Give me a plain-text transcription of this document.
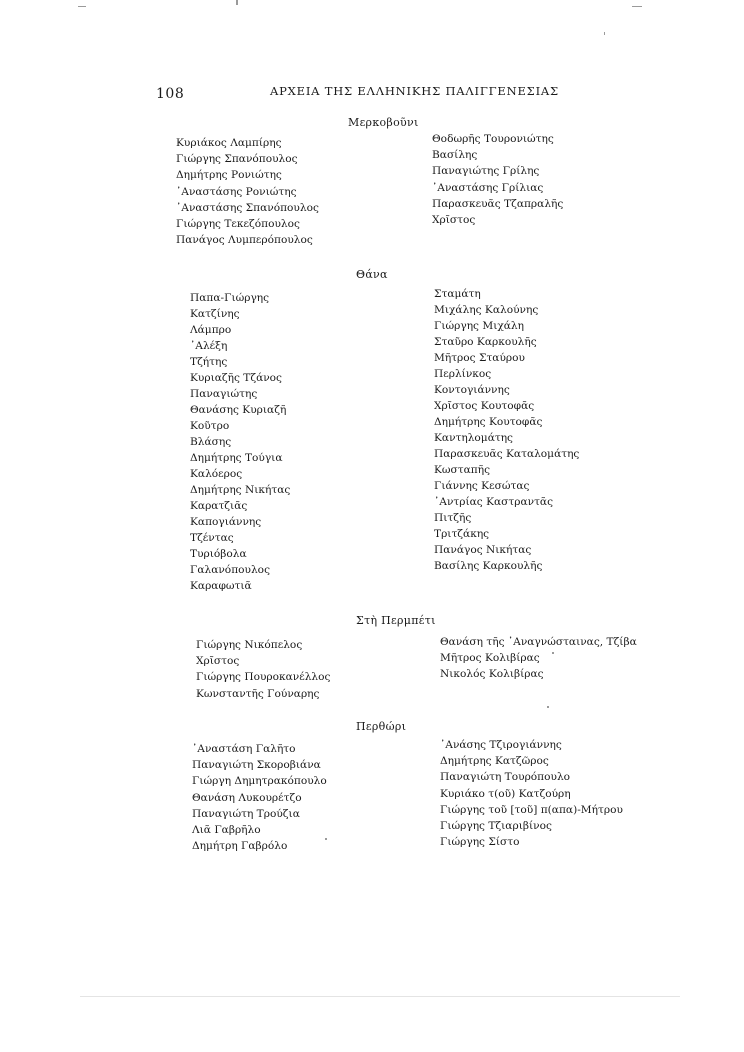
108	ΑΡΧΕΙΑ ΤΗΣ ΕΛΛΗΝΙΚΗΣ ΠΑΛΙΓΓΕΝΕΣΙΑΣ
Μερκοβοῦνι
Κυριάκος Λαμπίρης
Γιώργης Σπανόπουλος
Δημήτρης Ρονιώτης
᾿Αναστάσης Ρονιώτης
᾿Αναστάσης Σπανόπουλος
Γιώργης Τεκεζόπουλος
Πανάγος Λυμπερόπουλος
Θοδωρῆς Τουρονιώτης
Βασίλης
Παναγιώτης Γρίλης
᾿Αναστάσης Γρίλιας
Παρασκευᾶς Τζαπραλῆς
Χρῖστος
Θάνα
Παπα-Γιώργης
Κατζίνης
Λάμπρο
᾿Αλέξη
Τζήτης
Κυριαζῆς Τζάνος
Παναγιώτης
Θανάσης Κυριαζῆ
Κοῦτρο
Βλάσης
Δημήτρης Τούγια
Καλόερος
Δημήτρης Νικήτας
Καρατζιᾶς
Καπογιάννης
Τζέντας
Τυριόβολα
Γαλανόπουλος
Καραφωτιᾶ
Σταμάτη
Μιχάλης Καλούνης
Γιώργης Μιχάλη
Σταῦρο Καρκουλῆς
Μῆτρος Σταύρου
Περλίνκος
Κοντογιάννης
Χρῖστος Κουτοφᾶς
Δημήτρης Κουτοφᾶς
Καντηλομάτης
Παρασκευᾶς Καταλομάτης
Κωσταπῆς
Γιάννης Κεσώτας
᾿Αντρίας Καστραντᾶς
Πιτζῆς
Τριτζάκης
Πανάγος Νικήτας
Βασίλης Καρκουλῆς
Στὴ Περμπέτι
Γιώργης Νικόπελος
Χρῖστος
Γιώργης Πουροκανέλλος
Κωνσταντῆς Γούναρης
Θανάση τῆς ᾿Αναγνώσταινας, Τζίβα
Μῆτρος Κολιβίρας
Νικολός Κολιβίρας
Περθώρι
᾿Αναστάση Γαλῆτο
Παναγιώτη Σκοροβιάνα
Γιώργη Δημητρακόπουλο
Θανάση Λυκουρέτζο
Παναγιώτη Τρούζια
Λιᾶ Γαβρῆλο
Δημήτρη Γαβρόλο
᾿Ανάσης Τζιρογιάννης
Δημήτρης Κατζῶρος
Παναγιώτη Τουρόπουλο
Κυριάκο τ(οῦ) Κατζούρη
Γιώργης τοῦ [τοῦ] π(απα)-Μήτρου
Γιώργης Τζιαριβίνος
Γιώργης Σίστο
